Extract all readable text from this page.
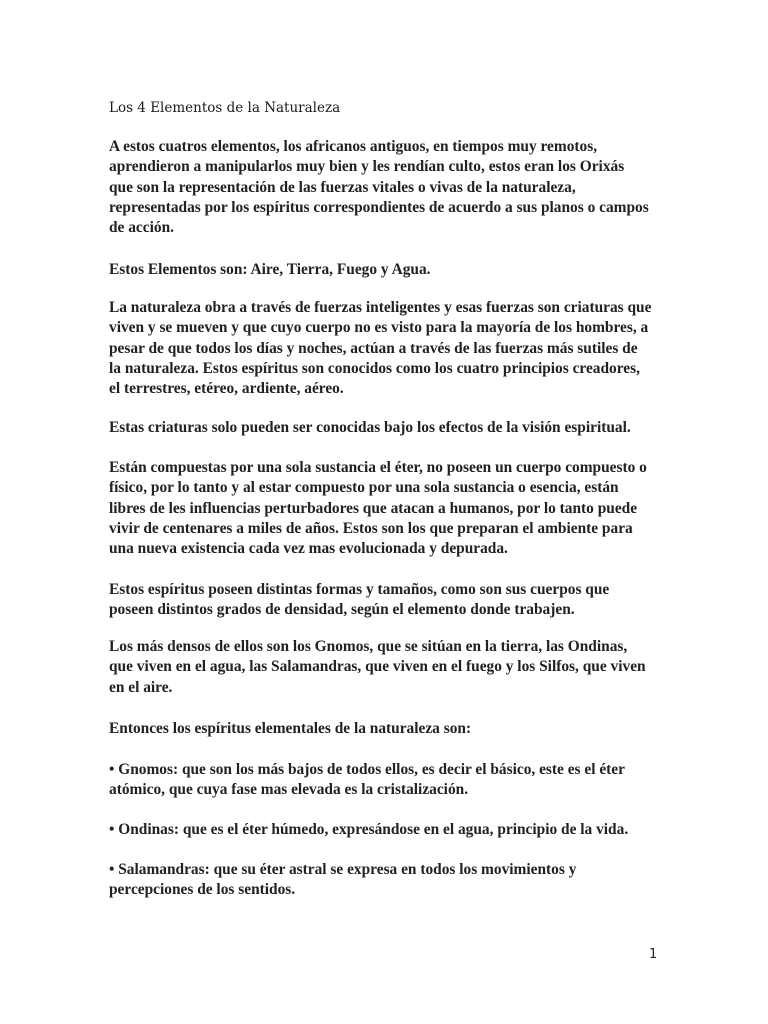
Los 4 Elementos de la Naturaleza
A estos cuatros elementos, los africanos antiguos, en tiempos muy remotos,
aprendieron a manipularlos muy bien y les rendían culto, estos eran los Orixás
que son la representación de las fuerzas vitales o vivas de la naturaleza,
representadas por los espíritus correspondientes de acuerdo a sus planos o campos
de acción.
Estos Elementos son: Aire, Tierra, Fuego y Agua.
La naturaleza obra a través de fuerzas inteligentes y esas fuerzas son criaturas que
viven y se mueven y que cuyo cuerpo no es visto para la mayoría de los hombres, a
pesar de que todos los días y noches, actúan a través de las fuerzas más sutiles de
la naturaleza. Estos espíritus son conocidos como los cuatro principios creadores,
el terrestres, etéreo, ardiente, aéreo.
Estas criaturas solo pueden ser conocidas bajo los efectos de la visión espiritual.
Están compuestas por una sola sustancia el éter, no poseen un cuerpo compuesto o
físico, por lo tanto y al estar compuesto por una sola sustancia o esencia, están
libres de les influencias perturbadores que atacan a humanos, por lo tanto puede
vivir de centenares a miles de años. Estos son los que preparan el ambiente para
una nueva existencia cada vez mas evolucionada y depurada.
Estos espíritus poseen distintas formas y tamaños, como son sus cuerpos que
poseen distintos grados de densidad, según el elemento donde trabajen.
Los más densos de ellos son los Gnomos, que se sitúan en la tierra, las Ondinas,
que viven en el agua, las Salamandras, que viven en el fuego y los Silfos, que viven
en el aire.
Entonces los espíritus elementales de la naturaleza son:
• Gnomos: que son los más bajos de todos ellos, es decir el básico, este es el éter
atómico, que cuya fase mas elevada es la cristalización.
• Ondinas: que es el éter húmedo, expresándose en el agua, principio de la vida.
• Salamandras: que su éter astral se expresa en todos los movimientos y
percepciones de los sentidos.
1
